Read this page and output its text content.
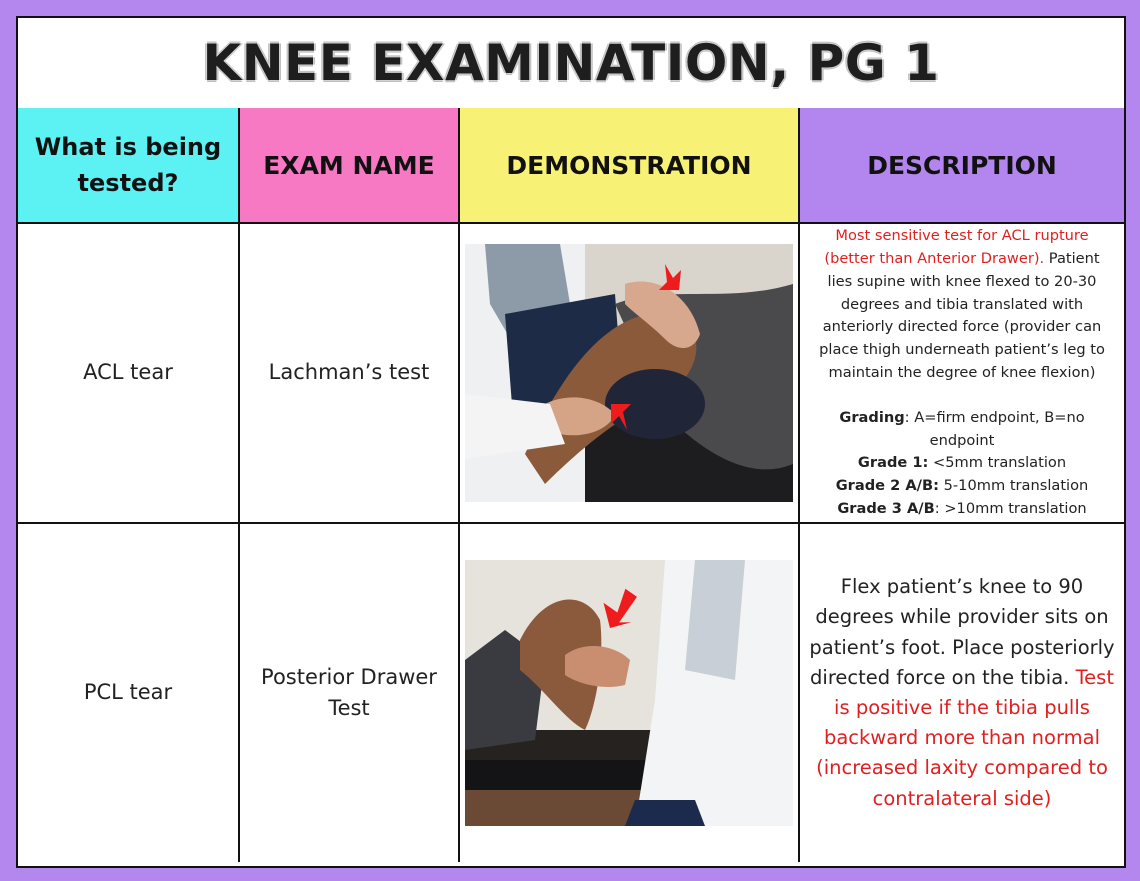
KNEE EXAMINATION, PG 1
What is being tested?	EXAM NAME	DEMONSTRATION	DESCRIPTION
ACL tear	Lachman’s test		Most sensitive test for ACL rupture (better than Anterior Drawer). Patient lies supine with knee flexed to 20-30 degrees and tibia translated with anteriorly directed force (provider can place thigh underneath patient’s leg to maintain the degree of knee flexion)
Grading: A=firm endpoint, B=no endpoint
Grade 1: <5mm translation
Grade 2 A/B: 5-10mm translation
Grade 3 A/B: >10mm translation

PCL tear	Posterior Drawer Test		Flex patient’s knee to 90 degrees while provider sits on patient’s foot. Place posteriorly directed force on the tibia. Test is positive if the tibia pulls backward more than normal (increased laxity compared to contralateral side)
